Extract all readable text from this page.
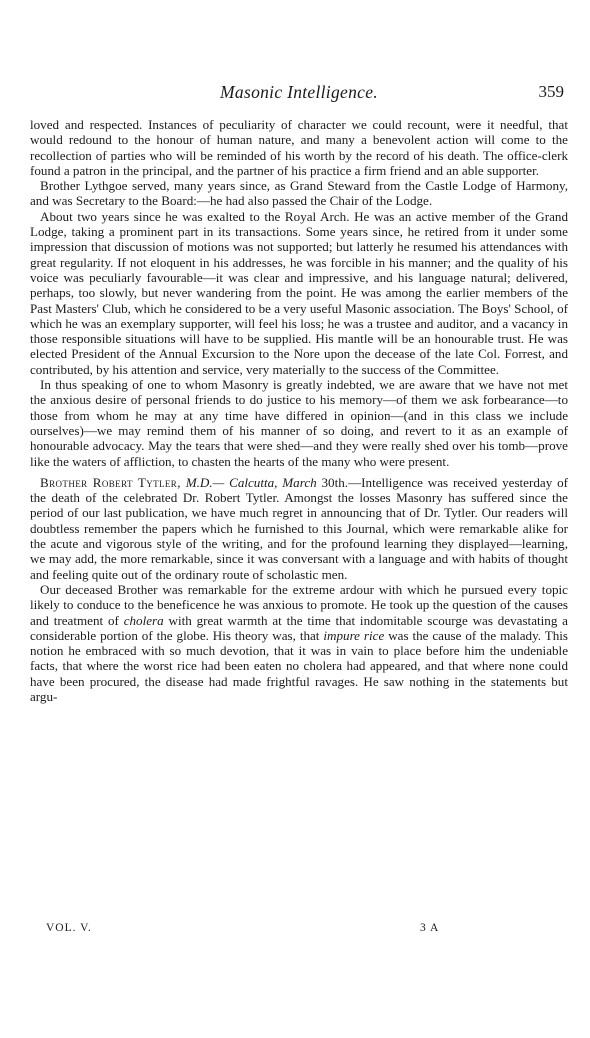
Masonic Intelligence.	359

loved and respected. Instances of peculiarity of character we could recount, were it needful, that would redound to the honour of human nature, and many a benevolent action will come to the recollection of parties who will be reminded of his worth by the record of his death. The office-clerk found a patron in the principal, and the partner of his practice a firm friend and an able supporter.

Brother Lythgoe served, many years since, as Grand Steward from the Castle Lodge of Harmony, and was Secretary to the Board:—he had also passed the Chair of the Lodge.

About two years since he was exalted to the Royal Arch. He was an active member of the Grand Lodge, taking a prominent part in its transactions. Some years since, he retired from it under some impression that discussion of motions was not supported; but latterly he resumed his attendances with great regularity. If not eloquent in his addresses, he was forcible in his manner; and the quality of his voice was peculiarly favourable—it was clear and impressive, and his language natural; delivered, perhaps, too slowly, but never wandering from the point. He was among the earlier members of the Past Masters' Club, which he considered to be a very useful Masonic association. The Boys' School, of which he was an exemplary supporter, will feel his loss; he was a trustee and auditor, and a vacancy in those responsible situations will have to be supplied. His mantle will be an honourable trust. He was elected President of the Annual Excursion to the Nore upon the decease of the late Col. Forrest, and contributed, by his attention and service, very materially to the success of the Committee.

In thus speaking of one to whom Masonry is greatly indebted, we are aware that we have not met the anxious desire of personal friends to do justice to his memory—of them we ask forbearance—to those from whom he may at any time have differed in opinion—(and in this class we include ourselves)—we may remind them of his manner of so doing, and revert to it as an example of honourable advocacy. May the tears that were shed—and they were really shed over his tomb—prove like the waters of affliction, to chasten the hearts of the many who were present.

Brother Robert Tytler, M.D.— Calcutta, March 30th.—Intelligence was received yesterday of the death of the celebrated Dr. Robert Tytler. Amongst the losses Masonry has suffered since the period of our last publication, we have much regret in announcing that of Dr. Tytler. Our readers will doubtless remember the papers which he furnished to this Journal, which were remarkable alike for the acute and vigorous style of the writing, and for the profound learning they displayed—learning, we may add, the more remarkable, since it was conversant with a language and with habits of thought and feeling quite out of the ordinary route of scholastic men.

Our deceased Brother was remarkable for the extreme ardour with which he pursued every topic likely to conduce to the beneficence he was anxious to promote. He took up the question of the causes and treatment of cholera with great warmth at the time that indomitable scourge was devastating a considerable portion of the globe. His theory was, that impure rice was the cause of the malady. This notion he embraced with so much devotion, that it was in vain to place before him the undeniable facts, that where the worst rice had been eaten no cholera had appeared, and that where none could have been procured, the disease had made frightful ravages. He saw nothing in the statements but argu-

VOL. V.	3 A
